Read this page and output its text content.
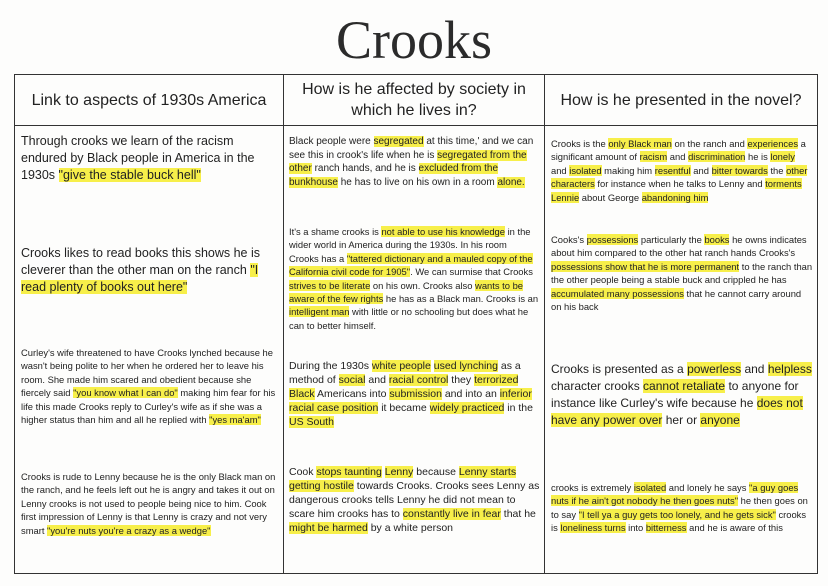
Crooks
Link to aspects of 1930s America
How is he affected by society in which he lives in?
How is he presented in the novel?
Through crooks we learn of the racism endured by Black people in America in the 1930s "give the stable buck hell"
Crooks likes to read books this shows he is cleverer than the other man on the ranch "I read plenty of books out here"
Curley's wife threatened to have Crooks lynched because he wasn't being polite to her when he ordered her to leave his room. She made him scared and obedient because she fiercely said "you know what I can do" making him fear for his life this made Crooks reply to Curley's wife as if she was a higher status than him and all he replied with "yes ma'am"
Crooks is rude to Lenny because he is the only Black man on the ranch, and he feels left out he is angry and takes it out on Lenny crooks is not used to people being nice to him. Cook first impression of Lenny is that Lenny is crazy and not very smart "you're nuts you're a crazy as a wedge"
Black people were segregated at this time,' and we can see this in crook's life when he is segregated from the other ranch hands, and he is excluded from the bunkhouse he has to live on his own in a room alone.
It's a shame crooks is not able to use his knowledge in the wider world in America during the 1930s. In his room Crooks has a "tattered dictionary and a mauled copy of the California civil code for 1905". We can surmise that Crooks strives to be literate on his own. Crooks also wants to be aware of the few rights he has as a Black man. Crooks is an intelligent man with little or no schooling but does what he can to better himself.
During the 1930s white people used lynching as a method of social and racial control they terrorized Black Americans into submission and into an inferior racial case position it became widely practiced in the US South
Cook stops taunting Lenny because Lenny starts getting hostile towards Crooks. Crooks sees Lenny as dangerous crooks tells Lenny he did not mean to scare him crooks has to constantly live in fear that he might be harmed by a white person
Crooks is the only Black man on the ranch and experiences a significant amount of racism and discrimination he is lonely and isolated making him resentful and bitter towards the other characters for instance when he talks to Lenny and torments Lennie about George abandoning him
Cooks's possessions particularly the books he owns indicates about him compared to the other hat ranch hands Crooks's possessions show that he is more permanent to the ranch than the other people being a stable buck and crippled he has accumulated many possessions that he cannot carry around on his back
Crooks is presented as a powerless and helpless character crooks cannot retaliate to anyone for instance like Curley's wife because he does not have any power over her or anyone
crooks is extremely isolated and lonely he says "a guy goes nuts if he ain't got nobody he then goes nuts" he then goes on to say "I tell ya a guy gets too lonely, and he gets sick" crooks is loneliness turns into bitterness and he is aware of this
